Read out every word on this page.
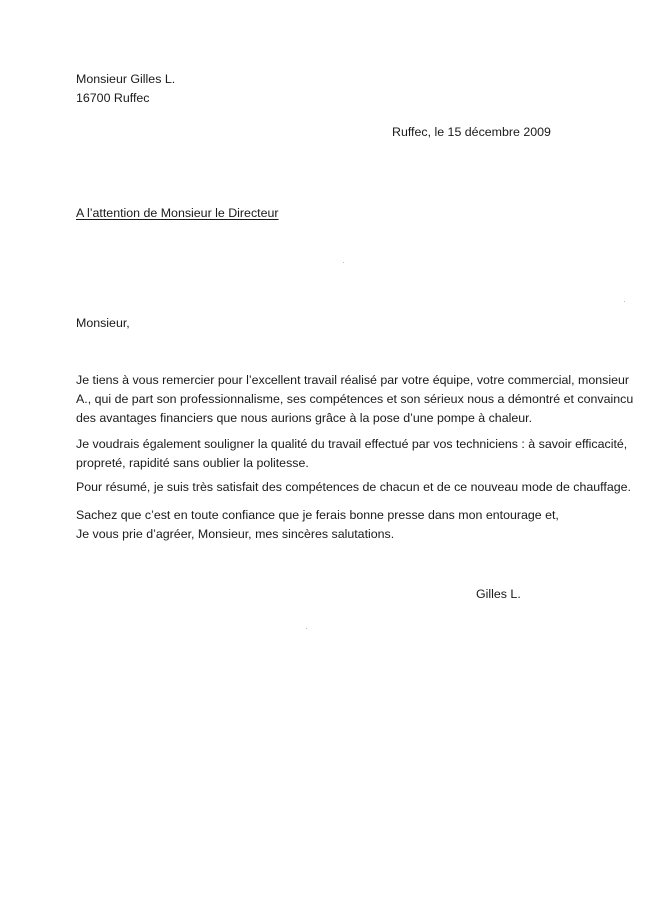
Monsieur Gilles L.
16700 Ruffec
Ruffec, le 15 décembre 2009
A l’attention de Monsieur le Directeur
Monsieur,
Je tiens à vous remercier pour l’excellent travail réalisé par votre équipe, votre commercial, monsieur
A., qui de part son professionnalisme, ses compétences et son sérieux nous a démontré et convaincu
des avantages financiers que nous aurions grâce à la pose d’une pompe à chaleur.
Je voudrais également souligner la qualité du travail effectué par vos techniciens : à savoir efficacité,
propreté, rapidité sans oublier la politesse.
Pour résumé, je suis très satisfait des compétences de chacun et de ce nouveau mode de chauffage.
Sachez que c’est en toute confiance que je ferais bonne presse dans mon entourage et,
Je vous prie d’agréer, Monsieur, mes sincères salutations.
Gilles L.
